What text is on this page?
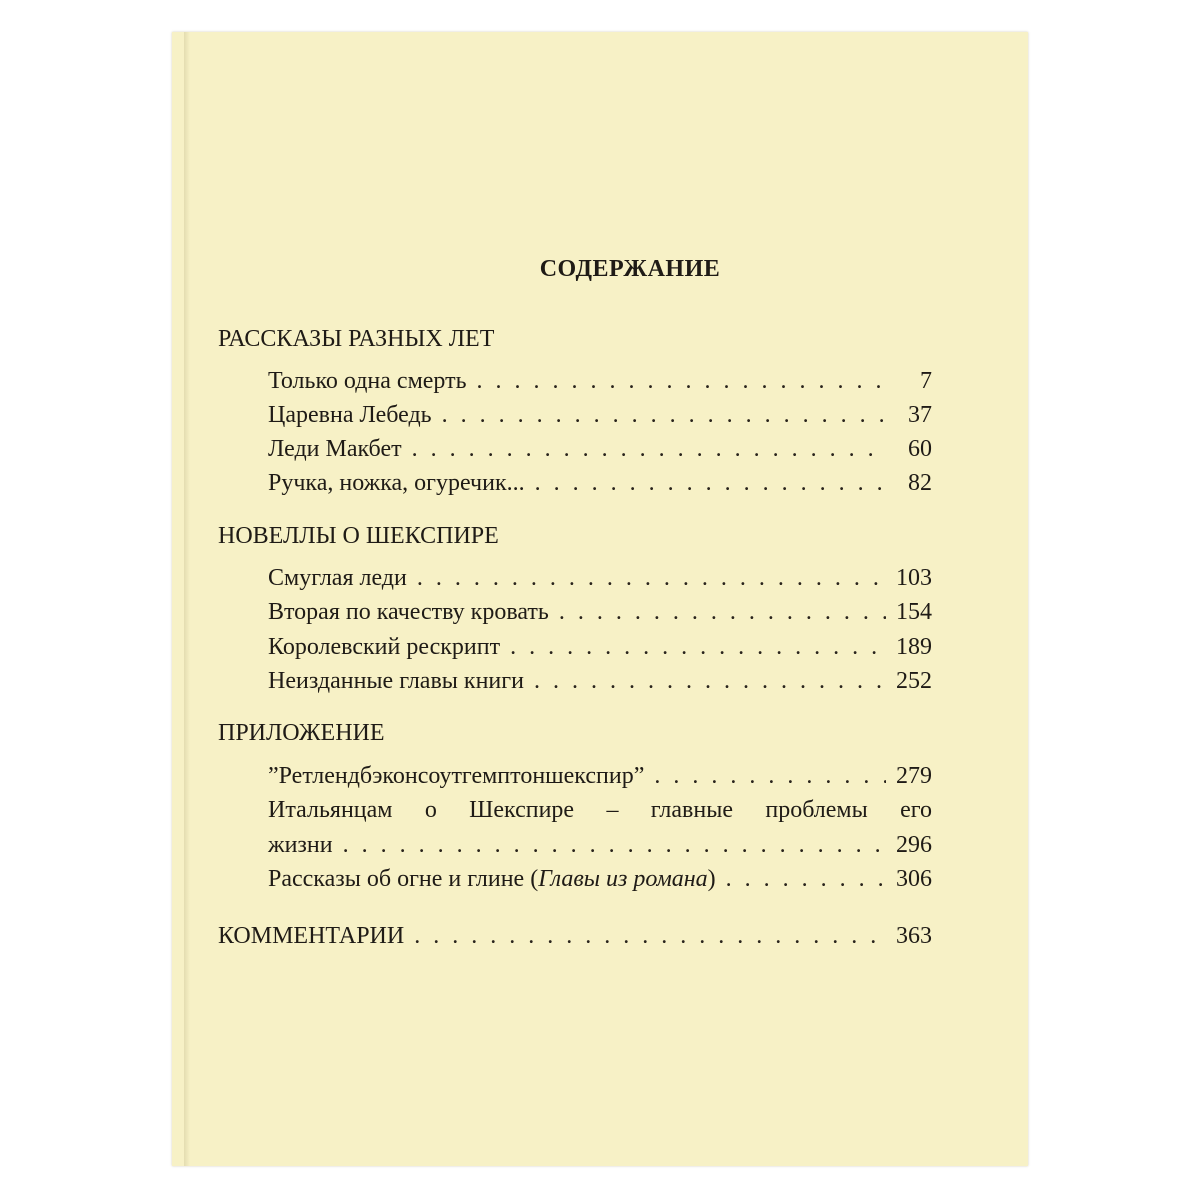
СОДЕРЖАНИЕ
РАССКАЗЫ РАЗНЫХ ЛЕТ
Только одна смерть . . .	7
Царевна Лебедь . . .	37
Леди Макбет . . .	60
Ручка, ножка, огуречик... . . .	82
НОВЕЛЛЫ О ШЕКСПИРЕ
Смуглая леди . . .	103
Вторая по качеству кровать . . .	154
Королевский рескрипт . . .	189
Неизданные главы книги . . .	252
ПРИЛОЖЕНИЕ
”Ретлендбэконсоутгемптоншекспир” . . .	279
Итальянцам о Шекспире – главные проблемы его
жизни . . .	296
Рассказы об огне и глине (Главы из романа) . . .	306
КОММЕНТАРИИ . . .	363
